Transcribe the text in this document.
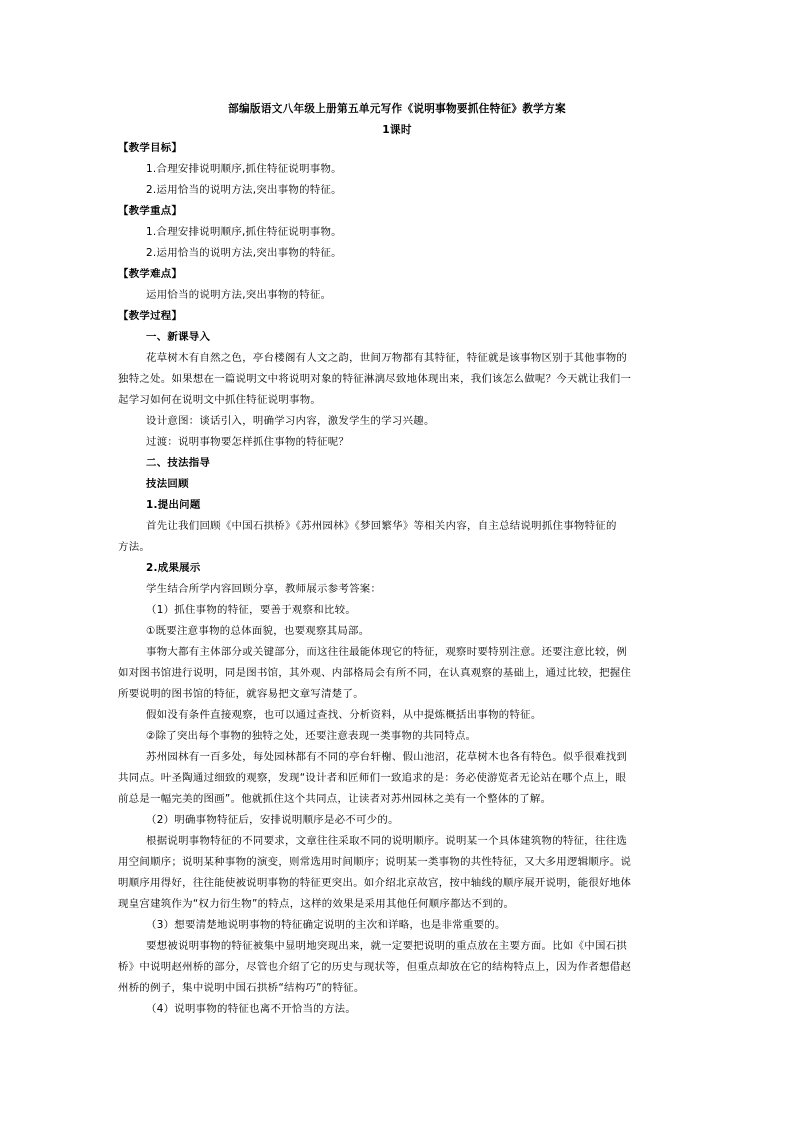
部编版语文八年级上册第五单元写作《说明事物要抓住特征》教学方案
1课时
【教学目标】
1.合理安排说明顺序,抓住特征说明事物。
2.运用恰当的说明方法,突出事物的特征。
【教学重点】
1.合理安排说明顺序,抓住特征说明事物。
2.运用恰当的说明方法,突出事物的特征。
【教学难点】
运用恰当的说明方法,突出事物的特征。
【教学过程】
一、新课导入
花草树木有自然之色，亭台楼阁有人文之韵，世间万物都有其特征，特征就是该事物区别于其他事物的
独特之处。如果想在一篇说明文中将说明对象的特征淋漓尽致地体现出来，我们该怎么做呢？今天就让我们一
起学习如何在说明文中抓住特征说明事物。
设计意图：谈话引入，明确学习内容，激发学生的学习兴趣。
过渡：说明事物要怎样抓住事物的特征呢？
二、技法指导
技法回顾
1.提出问题
首先让我们回顾《中国石拱桥》《苏州园林》《梦回繁华》等相关内容，自主总结说明抓住事物特征的
方法。
2.成果展示
学生结合所学内容回顾分享，教师展示参考答案：
（1）抓住事物的特征，要善于观察和比较。
①既要注意事物的总体面貌，也要观察其局部。
事物大都有主体部分或关键部分，而这往往最能体现它的特征，观察时要特别注意。还要注意比较，例
如对图书馆进行说明，同是图书馆，其外观、内部格局会有所不同，在认真观察的基础上，通过比较，把握住
所要说明的图书馆的特征，就容易把文章写清楚了。
假如没有条件直接观察，也可以通过查找、分析资料，从中提炼概括出事物的特征。
②除了突出每个事物的独特之处，还要注意表现一类事物的共同特点。
苏州园林有一百多处，每处园林都有不同的亭台轩榭、假山池沼，花草树木也各有特色。似乎很难找到
共同点。叶圣陶通过细致的观察，发现“设计者和匠师们一致追求的是：务必使游览者无论站在哪个点上，眼
前总是一幅完美的图画”。他就抓住这个共同点，让读者对苏州园林之美有一个整体的了解。
（2）明确事物特征后，安排说明顺序是必不可少的。
根据说明事物特征的不同要求，文章往往采取不同的说明顺序。说明某一个具体建筑物的特征，往往选
用空间顺序；说明某种事物的演变，则常选用时间顺序；说明某一类事物的共性特征，又大多用逻辑顺序。说
明顺序用得好，往往能使被说明事物的特征更突出。如介绍北京故宫，按中轴线的顺序展开说明，能很好地体
现皇宫建筑作为“权力衍生物”的特点，这样的效果是采用其他任何顺序都达不到的。
（3）想要清楚地说明事物的特征确定说明的主次和详略，也是非常重要的。
要想被说明事物的特征被集中显明地突现出来，就一定要把说明的重点放在主要方面。比如《中国石拱
桥》中说明赵州桥的部分，尽管也介绍了它的历史与现状等，但重点却放在它的结构特点上，因为作者想借赵
州桥的例子，集中说明中国石拱桥“结构巧”的特征。
（4）说明事物的特征也离不开恰当的方法。
